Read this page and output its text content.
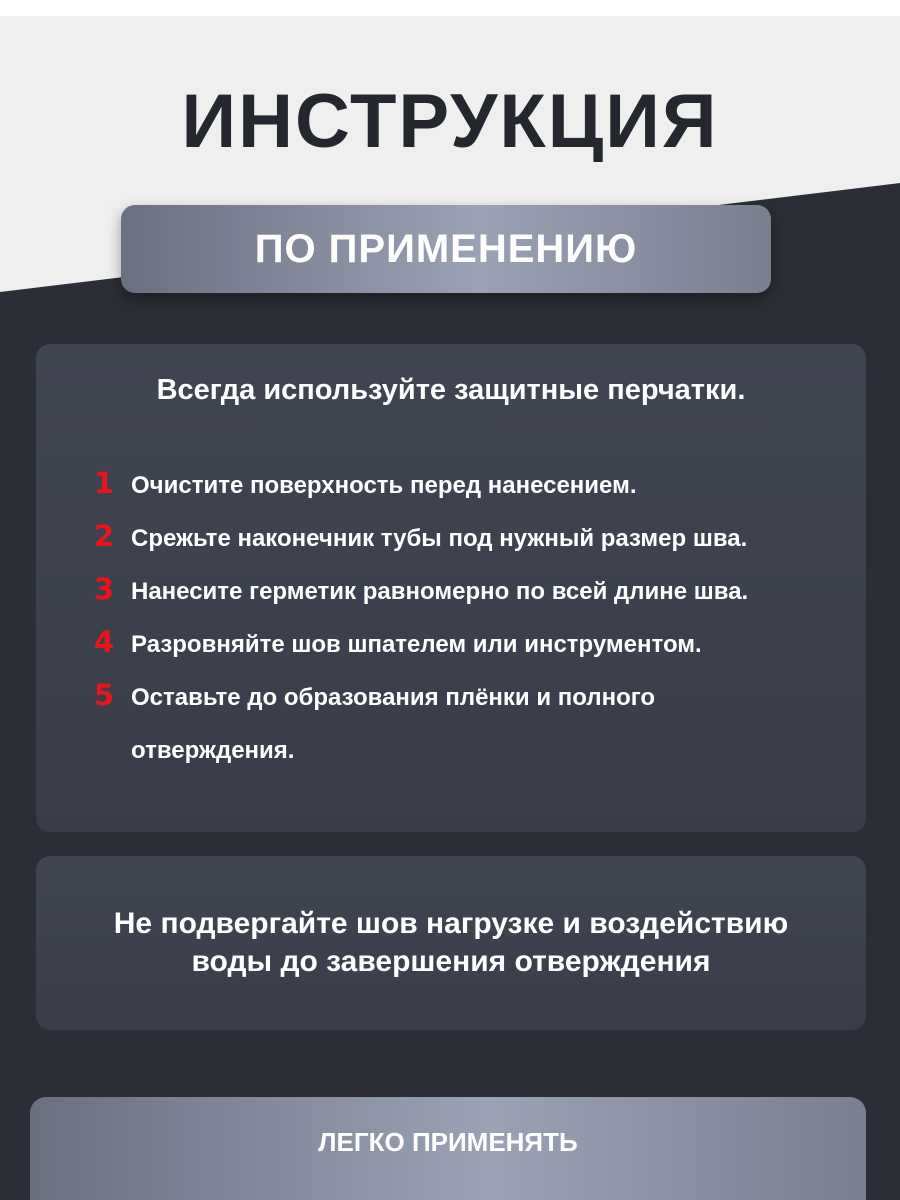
ИНСТРУКЦИЯ
ПО ПРИМЕНЕНИЮ

Всегда используйте защитные перчатки.

1 Очистите поверхность перед нанесением.
2 Срежьте наконечник тубы под нужный размер шва.
3 Нанесите герметик равномерно по всей длине шва.
4 Разровняйте шов шпателем или инструментом.
5 Оставьте до образования плёнки и полного отверждения.

Не подвергайте шов нагрузке и воздействию воды до завершения отверждения

ЛЕГКО ПРИМЕНЯТЬ
